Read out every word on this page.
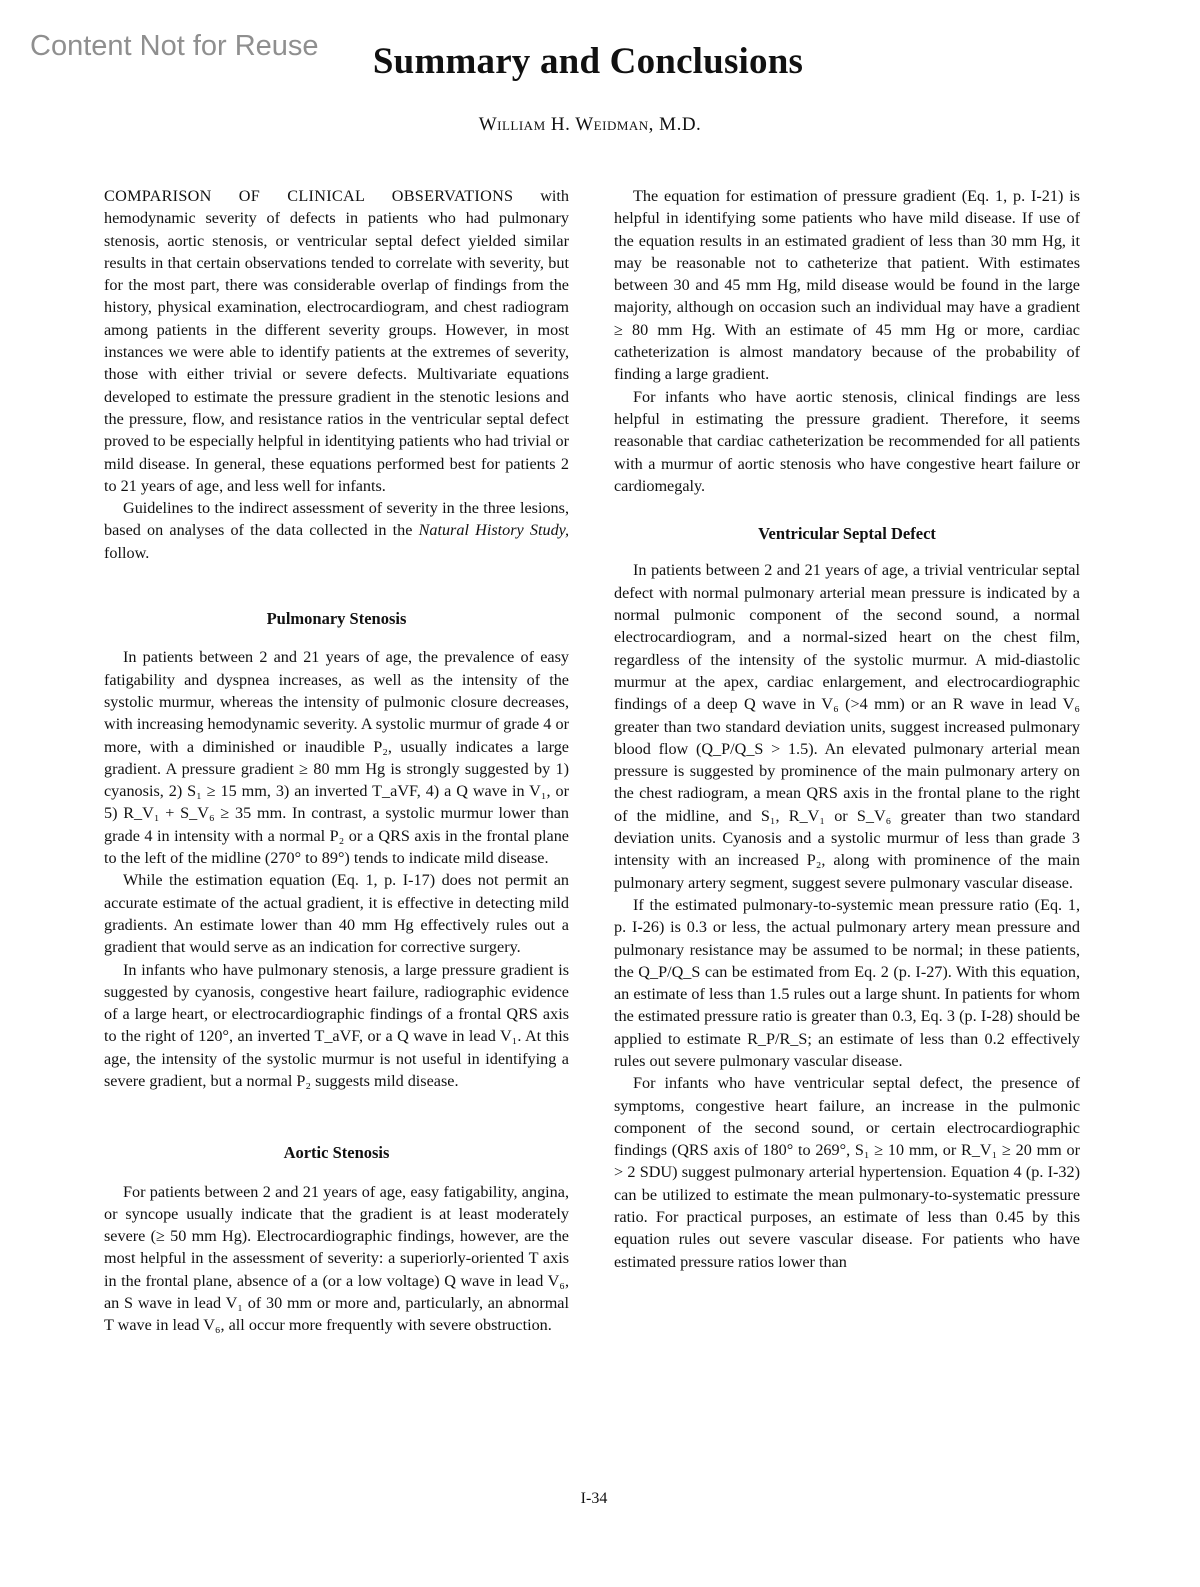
Content Not for Reuse	Summary and Conclusions
William H. Weidman, M.D.

COMPARISON OF CLINICAL OBSERVATIONS with hemodynamic severity of defects in patients who had pulmonary stenosis, aortic stenosis, or ventricular septal defect yielded similar results in that certain observations tended to correlate with severity, but for the most part, there was considerable overlap of findings from the history, physical examination, electrocardiogram, and chest radiogram among patients in the different severity groups. However, in most instances we were able to identify patients at the extremes of severity, those with either trivial or severe defects. Multivariate equations developed to estimate the pressure gradient in the stenotic lesions and the pressure, flow, and resistance ratios in the ventricular septal defect proved to be especially helpful in identitying patients who had trivial or mild disease. In general, these equations performed best for patients 2 to 21 years of age, and less well for infants.

Guidelines to the indirect assessment of severity in the three lesions, based on analyses of the data collected in the Natural History Study, follow.

Pulmonary Stenosis

In patients between 2 and 21 years of age, the prevalence of easy fatigability and dyspnea increases, as well as the intensity of the systolic murmur, whereas the intensity of pulmonic closure decreases, with increasing hemodynamic severity. A systolic murmur of grade 4 or more, with a diminished or inaudible P₂, usually indicates a large gradient. A pressure gradient ≥ 80 mm Hg is strongly suggested by 1) cyanosis, 2) S₁ ≥ 15 mm, 3) an inverted T_aVF, 4) a Q wave in V₁, or 5) R_V₁ + S_V₆ ≥ 35 mm. In contrast, a systolic murmur lower than grade 4 in intensity with a normal P₂ or a QRS axis in the frontal plane to the left of the midline (270° to 89°) tends to indicate mild disease.

While the estimation equation (Eq. 1, p. I-17) does not permit an accurate estimate of the actual gradient, it is effective in detecting mild gradients. An estimate lower than 40 mm Hg effectively rules out a gradient that would serve as an indication for corrective surgery.

In infants who have pulmonary stenosis, a large pressure gradient is suggested by cyanosis, congestive heart failure, radiographic evidence of a large heart, or electrocardiographic findings of a frontal QRS axis to the right of 120°, an inverted T_aVF, or a Q wave in lead V₁. At this age, the intensity of the systolic murmur is not useful in identifying a severe gradient, but a normal P₂ suggests mild disease.

Aortic Stenosis

For patients between 2 and 21 years of age, easy fatigability, angina, or syncope usually indicate that the gradient is at least moderately severe (≥ 50 mm Hg). Electrocardiographic findings, however, are the most helpful in the assessment of severity: a superiorly-oriented T axis in the frontal plane, absence of a (or a low voltage) Q wave in lead V₆, an S wave in lead V₁ of 30 mm or more and, particularly, an abnormal T wave in lead V₆, all occur more frequently with severe obstruction.

The equation for estimation of pressure gradient (Eq. 1, p. I-21) is helpful in identifying some patients who have mild disease. If use of the equation results in an estimated gradient of less than 30 mm Hg, it may be reasonable not to catheterize that patient. With estimates between 30 and 45 mm Hg, mild disease would be found in the large majority, although on occasion such an individual may have a gradient ≥ 80 mm Hg. With an estimate of 45 mm Hg or more, cardiac catheterization is almost mandatory because of the probability of finding a large gradient.

For infants who have aortic stenosis, clinical findings are less helpful in estimating the pressure gradient. Therefore, it seems reasonable that cardiac catheterization be recommended for all patients with a murmur of aortic stenosis who have congestive heart failure or cardiomegaly.

Ventricular Septal Defect

In patients between 2 and 21 years of age, a trivial ventricular septal defect with normal pulmonary arterial mean pressure is indicated by a normal pulmonic component of the second sound, a normal electrocardiogram, and a normal-sized heart on the chest film, regardless of the intensity of the systolic murmur. A mid-diastolic murmur at the apex, cardiac enlargement, and electrocardiographic findings of a deep Q wave in V₆ (>4 mm) or an R wave in lead V₆ greater than two standard deviation units, suggest increased pulmonary blood flow (Q_P/Q_S > 1.5). An elevated pulmonary arterial mean pressure is suggested by prominence of the main pulmonary artery on the chest radiogram, a mean QRS axis in the frontal plane to the right of the midline, and S₁, R_V₁ or S_V₆ greater than two standard deviation units. Cyanosis and a systolic murmur of less than grade 3 intensity with an increased P₂, along with prominence of the main pulmonary artery segment, suggest severe pulmonary vascular disease.

If the estimated pulmonary-to-systemic mean pressure ratio (Eq. 1, p. I-26) is 0.3 or less, the actual pulmonary artery mean pressure and pulmonary resistance may be assumed to be normal; in these patients, the Q_P/Q_S can be estimated from Eq. 2 (p. I-27). With this equation, an estimate of less than 1.5 rules out a large shunt. In patients for whom the estimated pressure ratio is greater than 0.3, Eq. 3 (p. I-28) should be applied to estimate R_P/R_S; an estimate of less than 0.2 effectively rules out severe pulmonary vascular disease.

For infants who have ventricular septal defect, the presence of symptoms, congestive heart failure, an increase in the pulmonic component of the second sound, or certain electrocardiographic findings (QRS axis of 180° to 269°, S₁ ≥ 10 mm, or R_V₁ ≥ 20 mm or > 2 SDU) suggest pulmonary arterial hypertension. Equation 4 (p. I-32) can be utilized to estimate the mean pulmonary-to-systematic pressure ratio. For practical purposes, an estimate of less than 0.45 by this equation rules out severe vascular disease. For patients who have estimated pressure ratios lower than

I-34
